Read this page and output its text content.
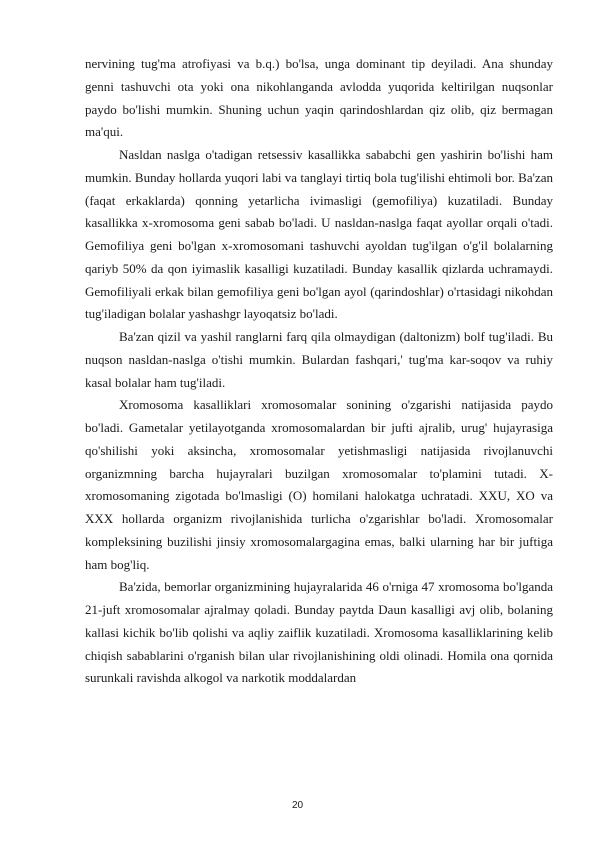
nervining tug'ma atrofiyasi va b.q.) bo'lsa, unga dominant tip deyiladi. Ana shunday genni tashuvchi ota yoki ona nikohlanganda avlodda yuqorida keltirilgan nuqsonlar paydo bo'lishi mumkin. Shuning uchun yaqin qarindoshlardan qiz olib, qiz bermagan ma'qui.

Nasldan naslga o'tadigan retsessiv kasallikka sababchi gen yashirin bo'lishi ham mumkin. Bunday hollarda yuqori labi va tanglayi tirtiq bola tug'ilishi ehtimoli bor. Ba'zan (faqat erkaklarda) qonning yetarlicha ivimasligi (gemofiliya) kuzatiladi. Bunday kasallikka x-xromosoma geni sabab bo'ladi. U nasldan-naslga faqat ayollar orqali o'tadi. Gemofiliya geni bo'lgan x-xromosomani tashuvchi ayoldan tug'ilgan o'g'il bolalarning qariyb 50% da qon iyimaslik kasalligi kuzatiladi. Bunday kasallik qizlarda uchramaydi. Gemofiliyali erkak bilan gemofiliya geni bo'lgan ayol (qarindoshlar) o'rtasidagi nikohdan tug'iladigan bolalar yashashgr layoqatsiz bo'ladi.

Ba'zan qizil va yashil ranglarni farq qila olmaydigan (daltonizm) bolf tug'iladi. Bu nuqson nasldan-naslga o'tishi mumkin. Bulardan fashqari,' tug'ma kar-soqov va ruhiy kasal bolalar ham tug'iladi.

Xromosoma kasalliklari xromosomalar sonining o'zgarishi natijasida paydo bo'ladi. Gametalar yetilayotganda xromosomalardan bir jufti ajralib, urug' hujayrasiga qo'shilishi yoki aksincha, xromosomalar yetishmasligi natijasida rivojlanuvchi organizmning barcha hujayralari buzilgan xromosomalar to'plamini tutadi. X-xromosomaning zigotada bo'lmasligi (O) homilani halokatga uchratadi. XXU, XO va XXX hollarda organizm rivojlanishida turlicha o'zgarishlar bo'ladi. Xromosomalar kompleksining buzilishi jinsiy xromosomalargagina emas, balki ularning har bir juftiga ham bog'liq.

Ba'zida, bemorlar organizmining hujayralarida 46 o'rniga 47 xromosoma bo'lganda 21-juft xromosomalar ajralmay qoladi. Bunday paytda Daun kasalligi avj olib, bolaning kallasi kichik bo'lib qolishi va aqliy zaiflik kuzatiladi. Xromosoma kasalliklarining kelib chiqish sabablarini o'rganish bilan ular rivojlanishining oldi olinadi. Homila ona qornida surunkali ravishda alkogol va narkotik moddalardan

20
